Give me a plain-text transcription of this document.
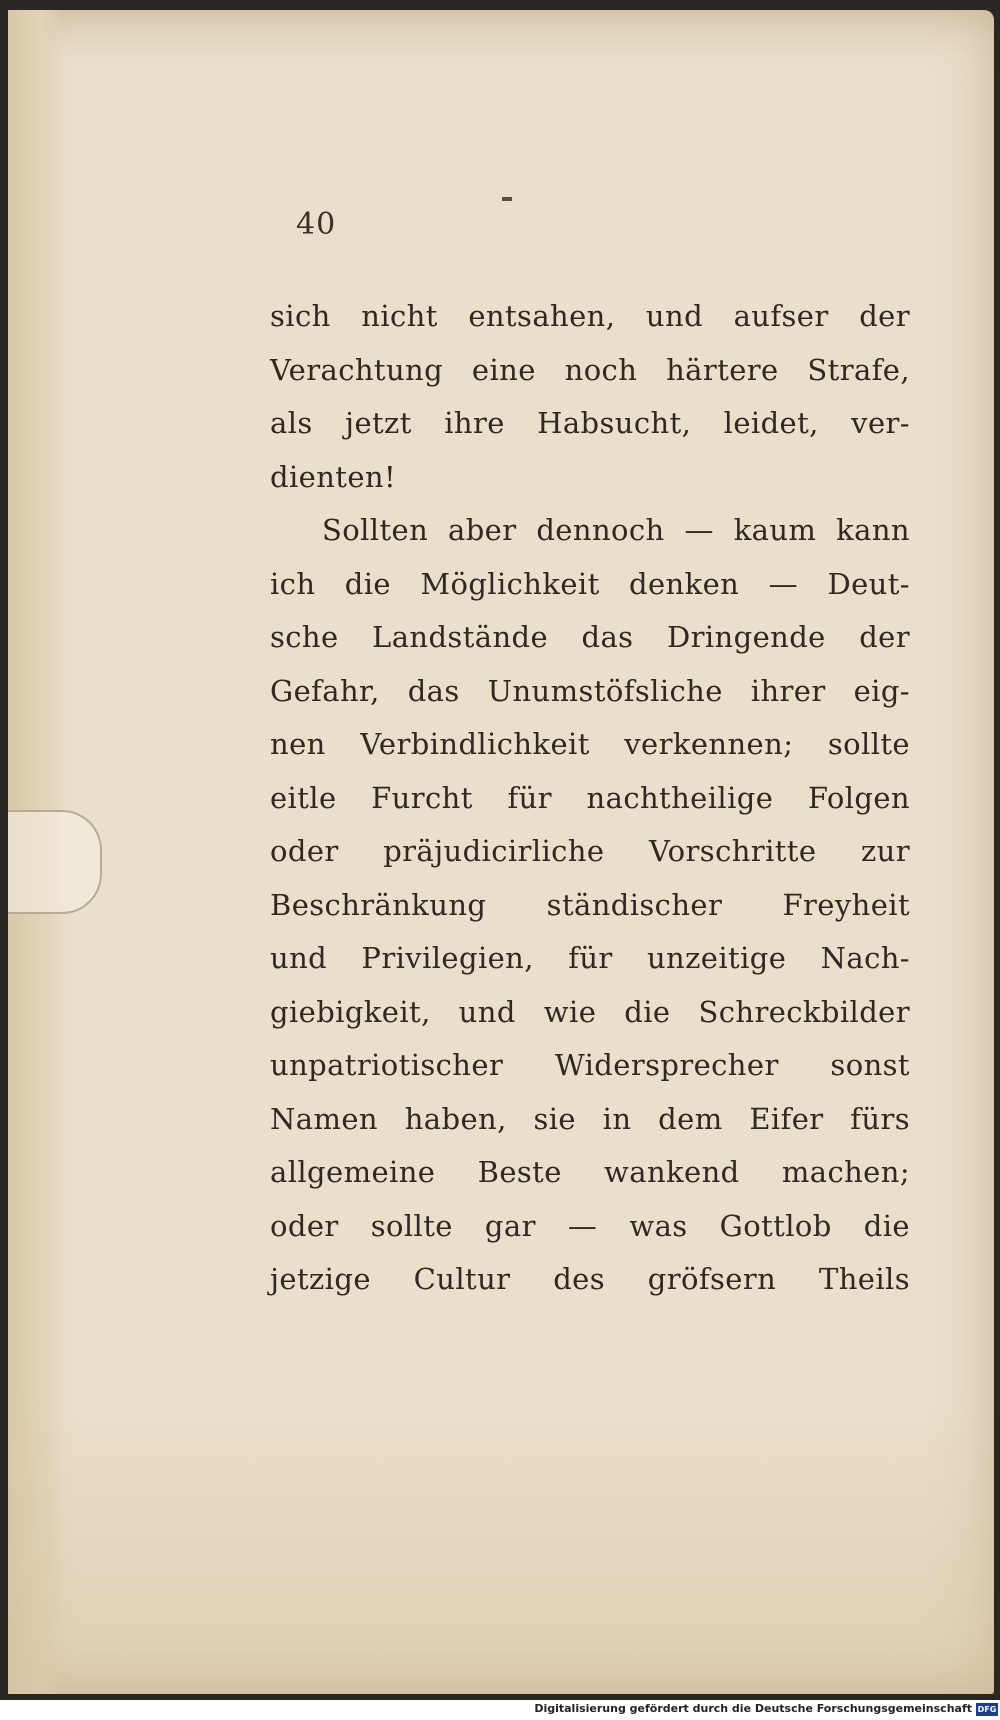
40
sich nicht entsahen, und aufser der
Verachtung eine noch härtere Strafe,
als jetzt ihre Habsucht, leidet, ver-
dienten!
Sollten aber dennoch — kaum kann
ich die Möglichkeit denken — Deut-
sche Landstände das Dringende der
Gefahr, das Unumstöfsliche ihrer eig-
nen Verbindlichkeit verkennen; sollte
eitle Furcht für nachtheilige Folgen
oder präjudicirliche Vorschritte zur
Beschränkung ständischer Freyheit
und Privilegien, für unzeitige Nach-
giebigkeit, und wie die Schreckbilder
unpatriotischer Widersprecher sonst
Namen haben, sie in dem Eifer fürs
allgemeine Beste wankend machen;
oder sollte gar — was Gottlob die
jetzige Cultur des gröfsern Theils
Digitalisierung gefördert durch die Deutsche Forschungsgemeinschaft DFG
